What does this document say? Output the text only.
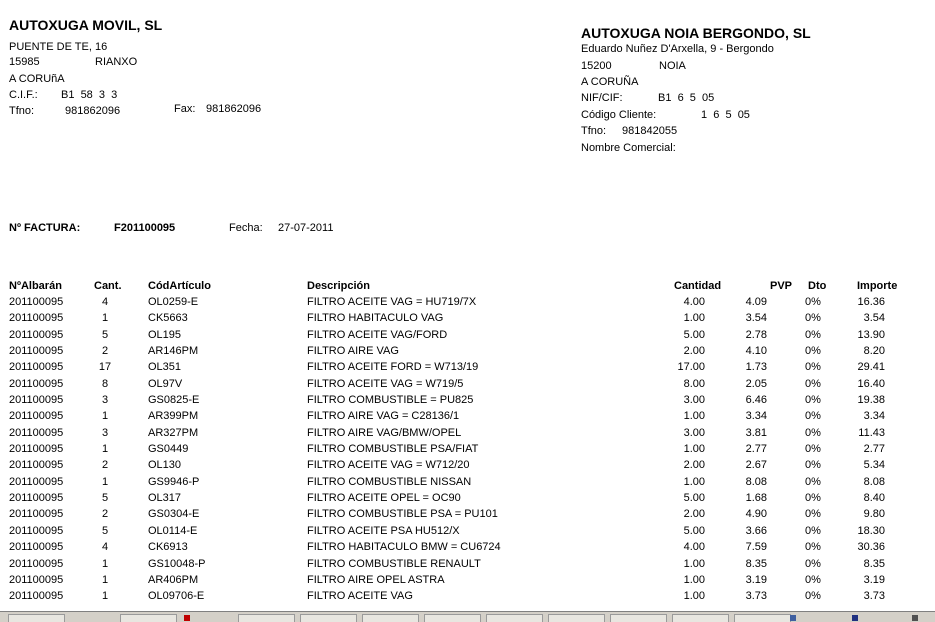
AUTOXUGA MOVIL, SL
PUENTE DE TE, 16
15985	RIANXO
A CORUñA
C.I.F.: B1  58  3  3
Tfno:	981862096	Fax: 981862096
AUTOXUGA NOIA BERGONDO, SL
Eduardo Nuñez D'Arxella, 9 - Bergondo
15200	NOIA
A CORUÑA
NIF/CIF:	B1  6  5  05
Código Cliente:	1  6  5  05
Tfno: 981842055
Nombre Comercial:
Nº FACTURA:	F201100095	Fecha: 27-07-2011
NºAlbarán	Cant. CódArtículo	Descripción	Cantidad	PVP Dto	Importe
201100095	4	OL0259-E	FILTRO ACEITE VAG = HU719/7X	4.00	4.09	0%	16.36
201100095	1	CK5663	FILTRO HABITACULO VAG	1.00	3.54	0%	3.54
201100095	5	OL195	FILTRO ACEITE VAG/FORD	5.00	2.78	0%	13.90
201100095	2	AR146PM	FILTRO AIRE VAG	2.00	4.10	0%	8.20
201100095	17	OL351	FILTRO ACEITE FORD = W713/19	17.00	1.73	0%	29.41
201100095	8	OL97V	FILTRO ACEITE VAG = W719/5	8.00	2.05	0%	16.40
201100095	3	GS0825-E	FILTRO COMBUSTIBLE = PU825	3.00	6.46	0%	19.38
201100095	1	AR399PM	FILTRO AIRE VAG = C28136/1	1.00	3.34	0%	3.34
201100095	3	AR327PM	FILTRO AIRE VAG/BMW/OPEL	3.00	3.81	0%	11.43
201100095	1	GS0449	FILTRO COMBUSTIBLE PSA/FIAT	1.00	2.77	0%	2.77
201100095	2	OL130	FILTRO ACEITE VAG = W712/20	2.00	2.67	0%	5.34
201100095	1	GS9946-P	FILTRO COMBUSTIBLE NISSAN	1.00	8.08	0%	8.08
201100095	5	OL317	FILTRO ACEITE OPEL = OC90	5.00	1.68	0%	8.40
201100095	2	GS0304-E	FILTRO COMBUSTIBLE PSA = PU101	2.00	4.90	0%	9.80
201100095	5	OL0114-E	FILTRO ACEITE PSA HU512/X	5.00	3.66	0%	18.30
201100095	4	CK6913	FILTRO HABITACULO BMW = CU6724	4.00	7.59	0%	30.36
201100095	1	GS10048-P	FILTRO COMBUSTIBLE RENAULT	1.00	8.35	0%	8.35
201100095	1	AR406PM	FILTRO AIRE OPEL ASTRA	1.00	3.19	0%	3.19
201100095	1	OL09706-E	FILTRO ACEITE VAG	1.00	3.73	0%	3.73
